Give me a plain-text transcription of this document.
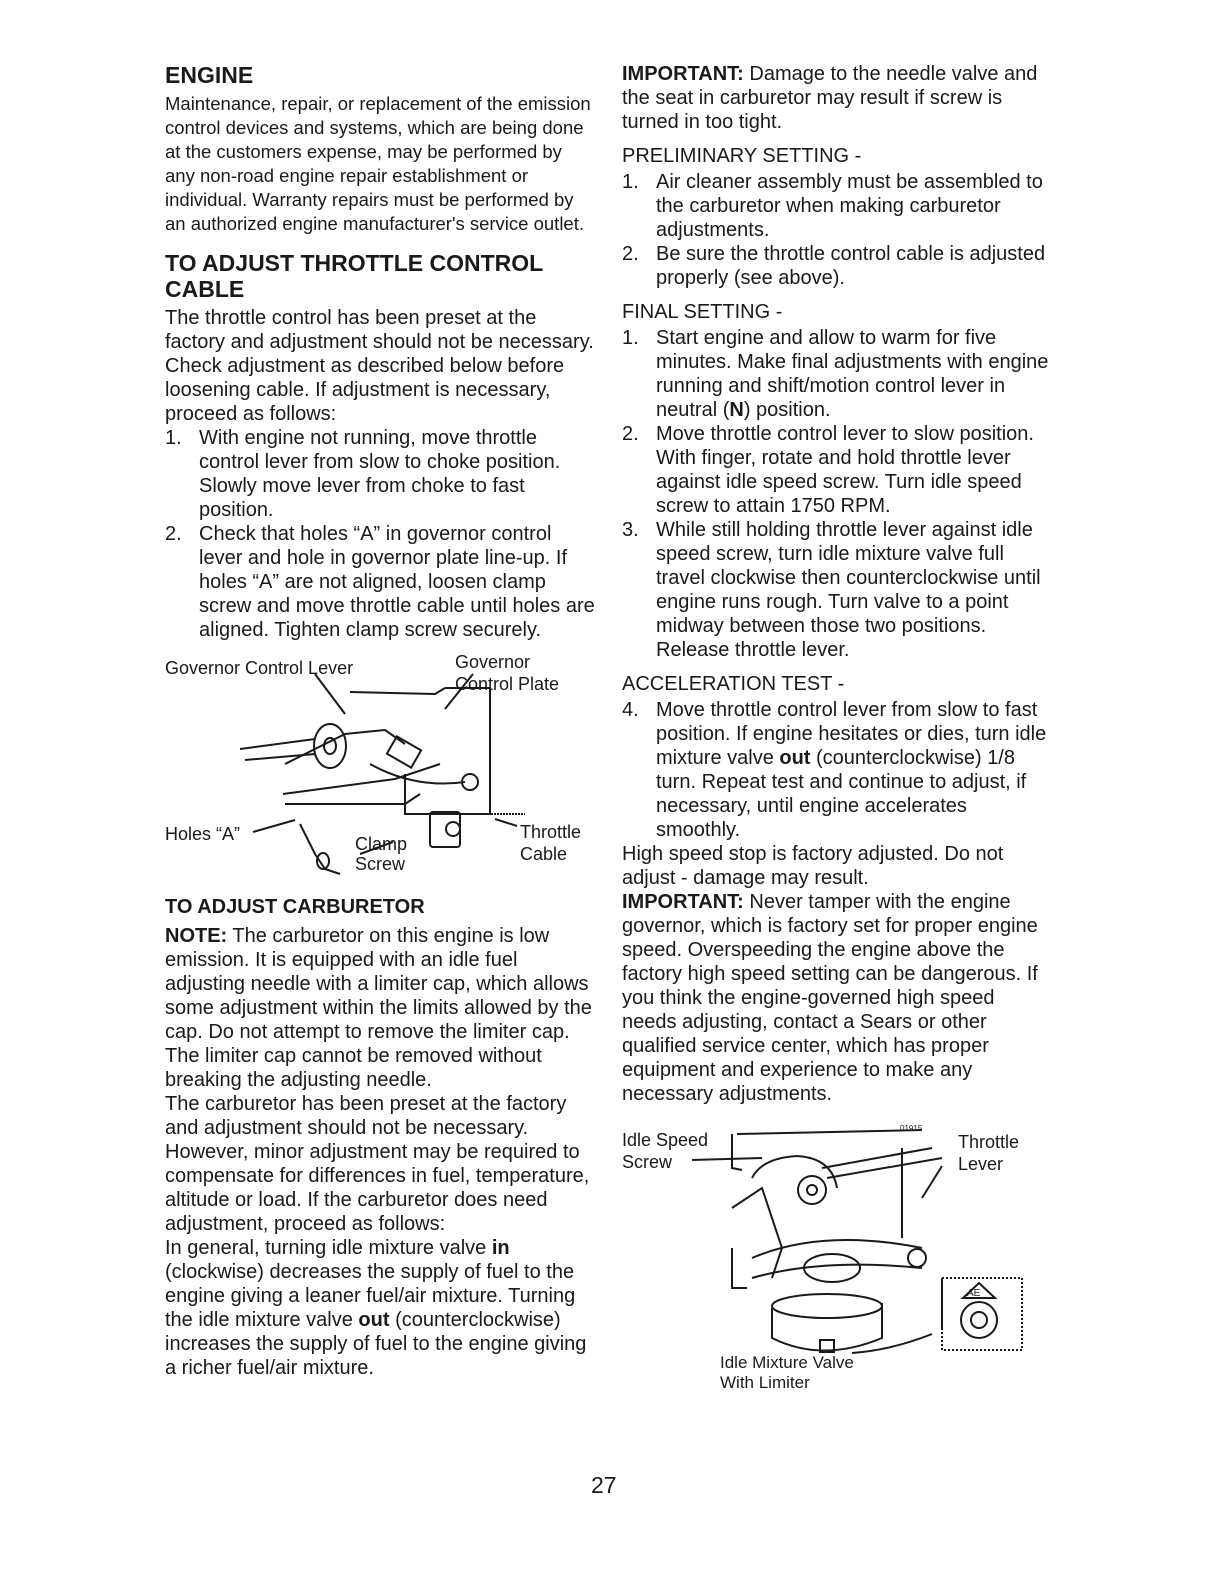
ENGINE

Maintenance, repair, or replacement of the emission control devices and systems, which are being done at the customers expense, may be performed by any non-road engine repair establishment or individual. Warranty repairs must be performed by an authorized engine manufacturer's service outlet.

TO ADJUST THROTTLE CONTROL CABLE

The throttle control has been preset at the factory and adjustment should not be necessary. Check adjustment as described below before loosening cable. If adjustment is necessary, proceed as follows:

1. With engine not running, move throttle control lever from slow to choke position. Slowly move lever from choke to fast position.
2. Check that holes “A” in governor control lever and hole in governor plate line-up. If holes “A” are not aligned, loosen clamp screw and move throttle cable until holes are aligned. Tighten clamp screw securely.
Governor Control Lever	Governor
Control Plate
Holes “A”	Clamp
Screw
Throttle
Cable
TO ADJUST CARBURETOR

NOTE: The carburetor on this engine is low emission. It is equipped with an idle fuel adjusting needle with a limiter cap, which allows some adjustment within the limits allowed by the cap. Do not attempt to remove the limiter cap. The limiter cap cannot be removed without breaking the adjusting needle.

The carburetor has been preset at the factory and adjustment should not be necessary. However, minor adjustment may be required to compensate for differences in fuel, temperature, altitude or load. If the carburetor does need adjustment, proceed as follows:

In general, turning idle mixture valve in (clockwise) decreases the supply of fuel to the engine giving a leaner fuel/air mixture. Turning the idle mixture valve out (counterclockwise) increases the supply of fuel to the engine giving a richer fuel/air mixture.

IMPORTANT: Damage to the needle valve and the seat in carburetor may result if screw is turned in too tight.

PRELIMINARY SETTING -

1. Air cleaner assembly must be assembled to the carburetor when making carburetor adjustments.
2. Be sure the throttle control cable is adjusted properly (see above).

FINAL SETTING -

1. Start engine and allow to warm for five minutes. Make final adjustments with engine running and shift/motion control lever in neutral (N) position.
2. Move throttle control lever to slow position. With finger, rotate and hold throttle lever against idle speed screw. Turn idle speed screw to attain 1750 RPM.
3. While still holding throttle lever against idle speed screw, turn idle mixture valve full travel clockwise then counterclockwise until engine runs rough. Turn valve to a point midway between those two positions. Release throttle lever.

ACCELERATION TEST -

4. Move throttle control lever from slow to fast position. If engine hesitates or dies, turn idle mixture valve out (counterclockwise) 1/8 turn. Repeat test and continue to adjust, if necessary, until engine accelerates smoothly.

High speed stop is factory adjusted. Do not adjust - damage may result.

IMPORTANT: Never tamper with the engine governor, which is factory set for proper engine speed. Overspeeding the engine above the factory high speed setting can be dangerous. If you think the engine-governed high speed needs adjusting, contact a Sears or other qualified service center, which has proper equipment and experience to make any necessary adjustments.

Idle Speed
Screw
Throttle
Lever
Idle Mixture Valve
With Limiter
01915
AE
27
